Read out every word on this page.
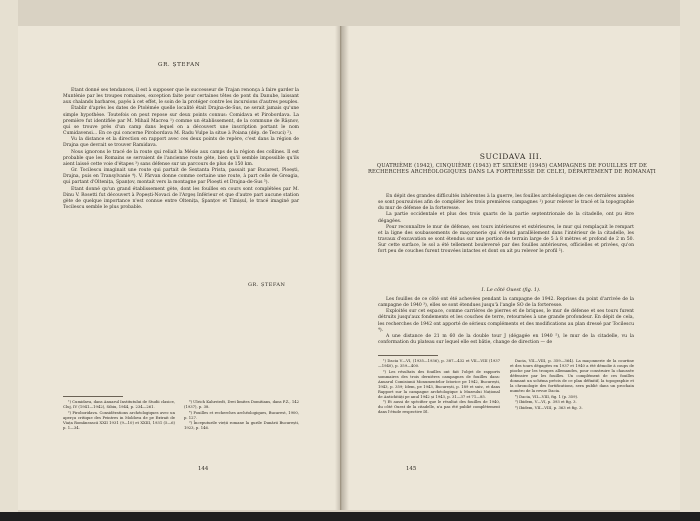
GR. ȘTEFAN

Etant donné ses tendances, il est à supposer que le successeur de Trajan renonça à faire garder la Muntènie par les troupes romaines, exception faite pour certaines têtes de pont du Danube, laissant aux chalands barbares, payés à cet effet, le soin de la protéger contre les incursions d'autres peuples.

Établir d'après les dates de Ptolémée quelle localité était Drajna-de-Sus, ne serait jamais qu'une simple hypothèse. Toutefois on peut repose sur deux points connus: Comidava et Pirobordava. La première fut identifiée par M. Mihail Macrea ¹) comme un établissement, de la commune de Râșnov, qui se trouve près d'un camp dans lequel on a découvert une inscription portant le nom Cumidavensi… En ce qui concerne Pirobordava M. Radu Vulpe la situe à Poiana (dép. de Tecuci) ²).

Vu la distance et la direction en rapport avec ces deux points de repère, c'est dans la région de Drajna que devrait se trouver Ramidava.

Nous ignorons le tracé de la route qui reliait la Mésie aux camps de la région des collines. Il est probable que les Romains se servaient de l'ancienne route gète, bien qu'il semble impossible qu'ils aient laissé cette voie d'étapes ³) sans défense sur un parcours de plus de 150 km.

Gr. Tocilescu imaginait une route qui partait de Sextanta Prista, passait par Bucarest, Ploești, Drajna, puis en Transylvanie ⁴). V. Pârvan donne comme certaine une route, à part celle de Greagia, qui partant d'Oltenița, Șpanțov, montait vers la montagne par Ploești et Drajna-de-Sus ⁵).

Etant donné qu'un grand établissement gète, dont les fouilles en cours sont complétées par M. Dinu V. Rosetti fut découvert à Popești-Novaci de l'Argeș Inférieur et que d'autre part aucune station gète de quelque importance n'est connue entre Oltenița, Șpanțov et Timișul, le tracé imaginé par Tocilescu semble le plus probable.

GR. ȘTEFAN

¹) Cumidava, dans Anuarul Institutului de Studii clasice, Cluj, IV (1941—1942), Sibiu, 1944, p. 234—261.

²) Piroboridava. Considérations archéologiques avec un aperçu critique des Peintres in Moldova de pe Extrait de Viața Românească XXII 1931 (9—10) et XXIII, 1931 (5—6) p. 1—34.

³) Ulrich Kahrstedt, Drei limites Domitians, dans P.Z., 142 (1937), p. 38.

⁴) Fouilles et recherches archéologiques, Bucarest, 1900, p. 127.

⁵) Începuturile vieții romane la gurile Dunării București, 1923, p. 146.

144
SUCIDAVA III.
QUATRIÈME (1942), CINQUIÈME (1943) ET SIXIÈME (1945) CAMPAGNES DE FOUILLES ET DE RECHERCHES ARCHÉOLOGIQUES DANS LA FORTERESSE DE CELEI, DÉPARTEMENT DE ROMANAȚI

En dépit des grandes difficultés inhérentes à la guerre, les fouilles archéologiques de ces dernières années se sont poursuivies afin de compléter les trois premières campagnes ¹) pour relever le tracé et la topographie du mur de défense de la forteresse.

La partie occidentale et plus des trois quarts de la partie septentrionale de la citadelle, ont pu être dégagées.

Pour reconnaître le mur de défense, ses tours intérieures et extérieures, le mur qui remplaçait le rempart et la ligne des soubassements de maçonnerie qui s'étend parallèlement dans l'intérieur de la citadelle, les travaux d'excavation se sont étendus sur une portion de terrain large de 5 à 8 mètres et profond de 2 m 50. Sur cette surface, le sol a été tellement bouleversé par des fouilles antérieures, officielles et privées, qu'on fort peu de couches furent trouvées intactes et dont on ait pu relever le profil ²).

I. Le côté Ouest (fig. 1).

Les fouilles de ce côté ont été achevées pendant la campagne de 1942. Reprises du point d'arrivée de la campagne de 1940 ³), elles se sont étendues jusqu'à l'angle SO de la forteresse.

Exploités sur cet espace, comme carrières de pierres et de briques, le mur de défense et ses tours furent détruits jusqu'aux fondements et les couches de terre, retournées à une grande profondeur. En dépit de cela, les recherches de 1942 ont apporté de sérieux compléments et des modifications au plan dressé par Tocilescu ⁴).

A une distance de 21 m 60 de la double tour J (dégagée en 1940 ⁵), le mur de la citadelle, vu la conformation du plateau sur lequel elle est bâtie, change de direction — de

¹) Dacia V—VI, (1935—1936), p. 387—432 et VII—VIII (1937—1940), p. 359—400.

²) Les résultats des fouilles ont fait l'objet de rapports sommaires des trois dernières campagnes de fouilles dans: Anuarul Comisiunii Monumentelor Istorice pe 1942, București, 1943, p. 359; Idem, pe 1943, București, p. 189 et suiv., et dans Rapport sur la campagne archéologique à Muzeului Național de Antichități pe anul 1942 și 1943, p. 31—37 et 71—85.

³) Et aussi de spécifier que le résultat des fouilles de 1940, du côté Ouest de la citadelle, n'a pas été publié complètement dans l'étude respective Dl.

Dacia, VII—VIII, p. 359—364). La maçonnerie de la courtine et des tours dégagées en 1937 et 1940 a été démolie à coups de pioche par les troupes allemandes, pour construire la chaussée défensive par les fouilles. Un complément de ces fouilles donnant un schéma précis de ce plan définitif, la topographie et la chronologie des fortifications, sera publié dans un prochain numéro de la revue Dacia.

⁴) Dacia, VII—VIII, fig. 1 (p. 359).

⁵) Ibidem, V—VI, p. 393 et fig. 3.

⁶) Ibidem, VII—VIII, p. 363 et fig. 3.

145
